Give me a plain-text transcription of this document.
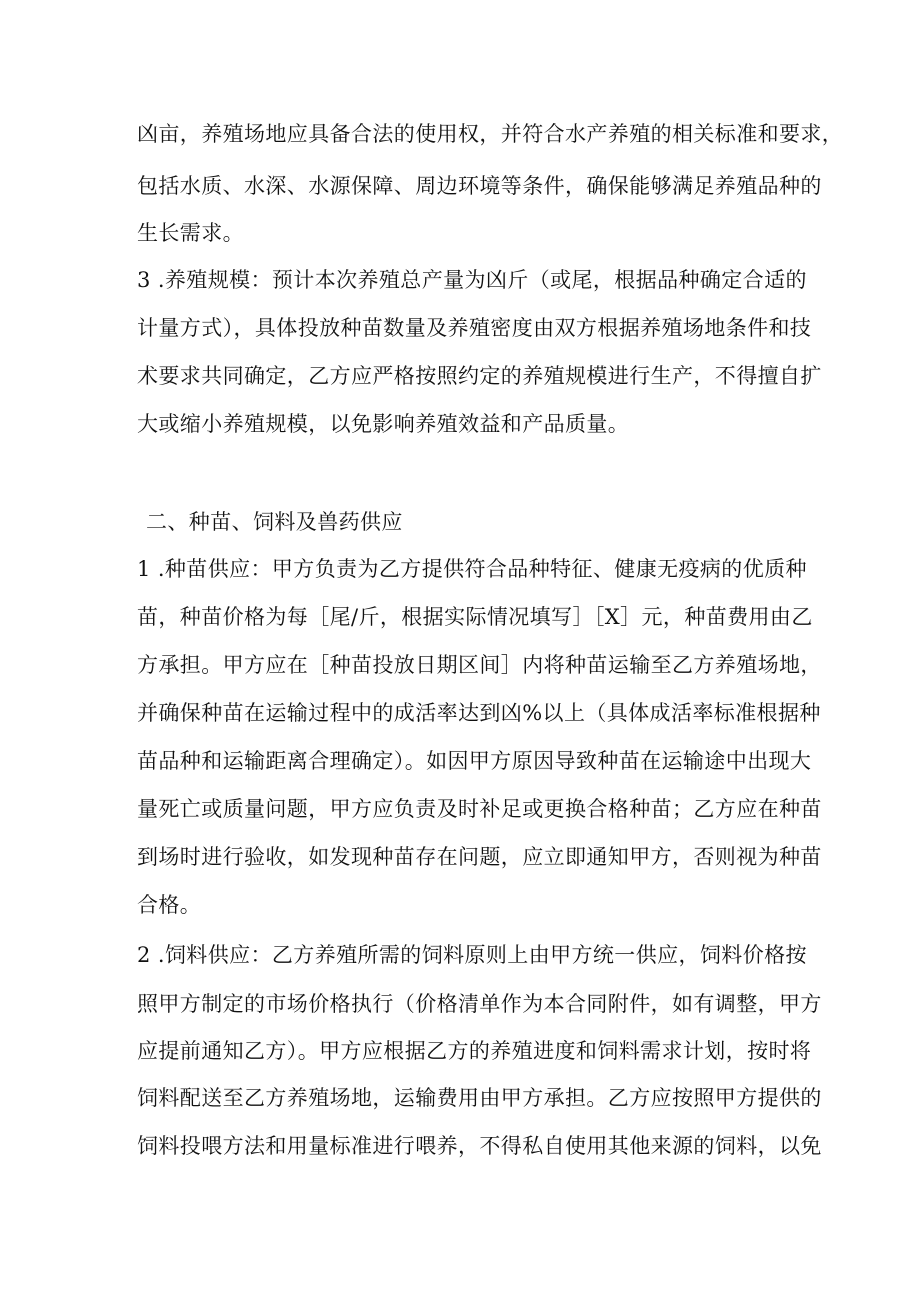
凶亩，养殖场地应具备合法的使用权，并符合水产养殖的相关标准和要求，
包括水质、水深、水源保障、周边环境等条件，确保能够满足养殖品种的
生长需求。
3 .养殖规模：预计本次养殖总产量为凶斤（或尾，根据品种确定合适的
计量方式），具体投放种苗数量及养殖密度由双方根据养殖场地条件和技
术要求共同确定，乙方应严格按照约定的养殖规模进行生产，不得擅自扩
大或缩小养殖规模，以免影响养殖效益和产品质量。
二、种苗、饲料及兽药供应
1 .种苗供应：甲方负责为乙方提供符合品种特征、健康无疫病的优质种
苗，种苗价格为每［尾/斤，根据实际情况填写］［X］元，种苗费用由乙
方承担。甲方应在［种苗投放日期区间］内将种苗运输至乙方养殖场地，
并确保种苗在运输过程中的成活率达到凶%以上（具体成活率标准根据种
苗品种和运输距离合理确定）。如因甲方原因导致种苗在运输途中出现大
量死亡或质量问题，甲方应负责及时补足或更换合格种苗；乙方应在种苗
到场时进行验收，如发现种苗存在问题，应立即通知甲方，否则视为种苗
合格。
2 .饲料供应：乙方养殖所需的饲料原则上由甲方统一供应，饲料价格按
照甲方制定的市场价格执行（价格清单作为本合同附件，如有调整，甲方
应提前通知乙方）。甲方应根据乙方的养殖进度和饲料需求计划，按时将
饲料配送至乙方养殖场地，运输费用由甲方承担。乙方应按照甲方提供的
饲料投喂方法和用量标准进行喂养，不得私自使用其他来源的饲料，以免
